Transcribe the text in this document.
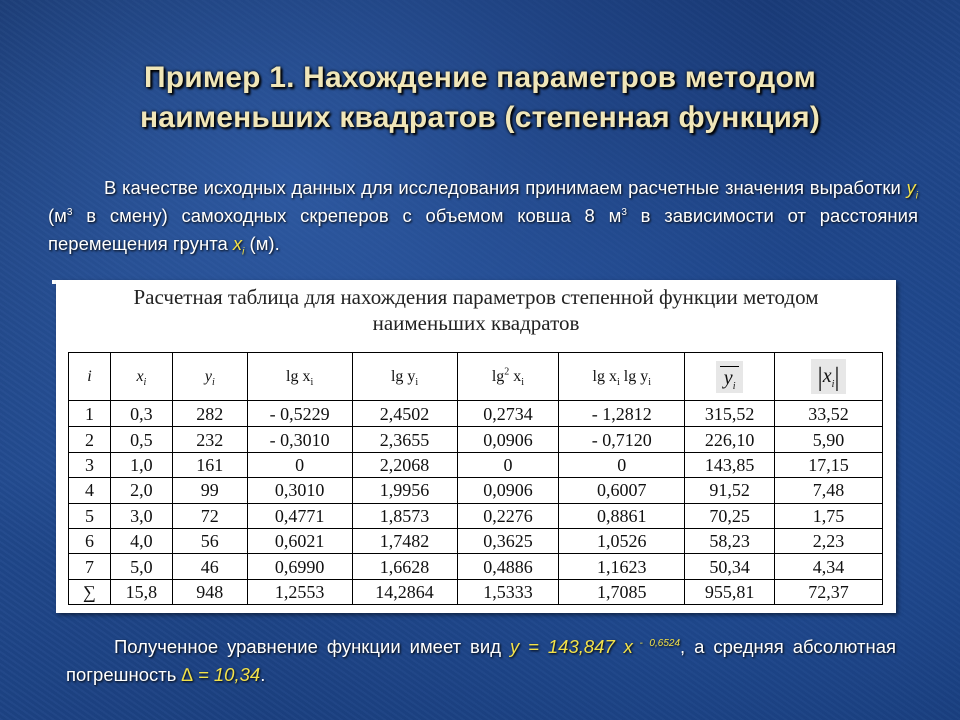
Пример 1. Нахождение параметров методом
наименьших квадратов (степенная функция)
В качестве исходных данных для исследования принимаем расчетные значения выработки $y_i$ ($м^3$ в смену) самоходных скреперов с объемом ковша 8 $м^3$ в зависимости от расстояния перемещения грунта $x_i$ (м).
Расчетная таблица для нахождения параметров степенной функции методом
наименьших квадратов
i	$x_i$	$y_i$	$\lg x_i$	$\lg y_i$	$\lg^2 x_i$	$\lg x_i$ $\lg y_i$	$y_i$	$|x_i|$
1	0,3	282	- 0,5229	2,4502	0,2734	- 1,2812	315,52	33,52
2	0,5	232	- 0,3010	2,3655	0,0906	- 0,7120	226,10	5,90
3	1,0	161	0	2,2068	0	0	143,85	17,15
4	2,0	99	0,3010	1,9956	0,0906	0,6007	91,52	7,48
5	3,0	72	0,4771	1,8573	0,2276	0,8861	70,25	1,75
6	4,0	56	0,6021	1,7482	0,3625	1,0526	58,23	2,23
7	5,0	46	0,6990	1,6628	0,4886	1,1623	50,34	4,34
∑	15,8	948	1,2553	14,2864	1,5333	1,7085	955,81	72,37
Полученное уравнение функции имеет вид y = 143,847 x $^{- 0,6524}$, а средняя абсолютная погрешность ∆ = 10,34.
